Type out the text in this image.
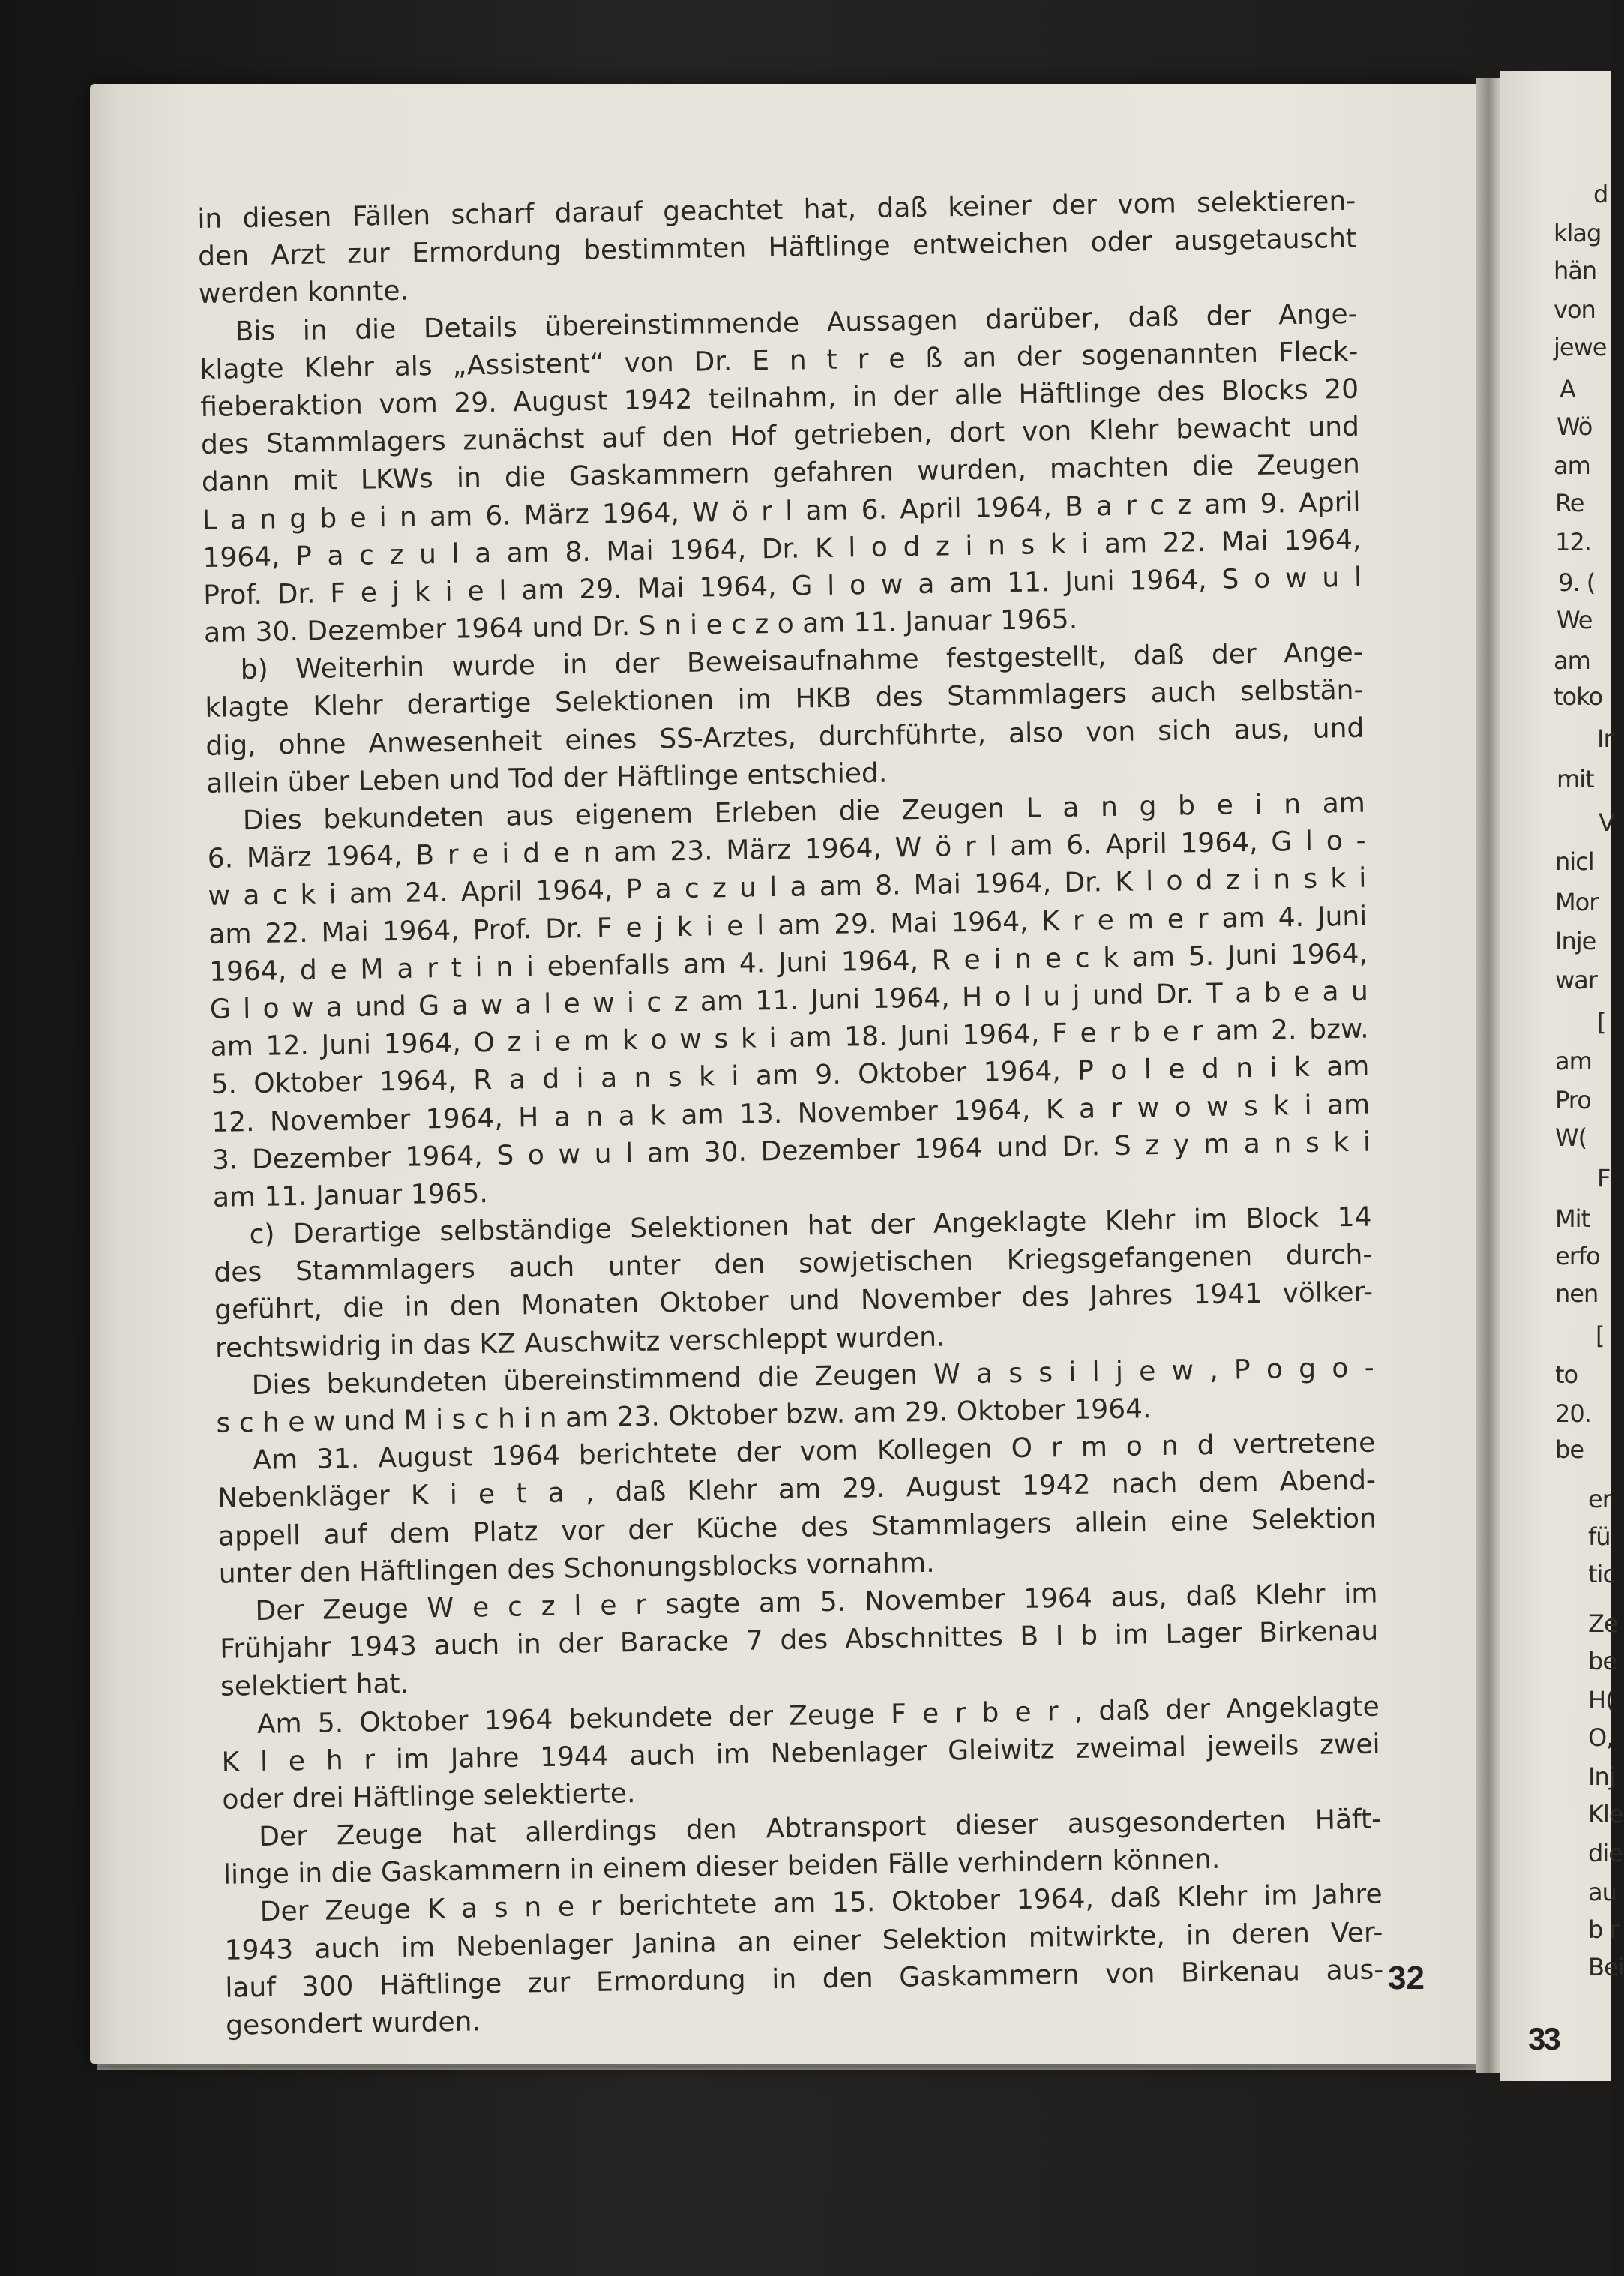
d
klag
hän
von
jewe
A
Wö
am
Re
12.
9. (
We
am
toko
Ir
mit
V
nicl
Mor
Inje
war
[
am
Pro
W(
F
Mit
erfo
nen
[
to
20.
be
er
fü
tic
Ze
be
H(
O,
Inj
Kle
die
au
b r
Bei
33
in diesen Fällen scharf darauf geachtet hat, daß keiner der vom selektieren-
den Arzt zur Ermordung bestimmten Häftlinge entweichen oder ausgetauscht
werden konnte.
Bis in die Details übereinstimmende Aussagen darüber, daß der Ange-
klagte Klehr als „Assistent“ von Dr. E n t r e ß an der sogenannten Fleck-
fieberaktion vom 29. August 1942 teilnahm, in der alle Häftlinge des Blocks 20
des Stammlagers zunächst auf den Hof getrieben, dort von Klehr bewacht und
dann mit LKWs in die Gaskammern gefahren wurden, machten die Zeugen
L a n g b e i n am 6. März 1964, W ö r l am 6. April 1964, B a r c z am 9. April
1964, P a c z u l a am 8. Mai 1964, Dr. K l o d z i n s k i am 22. Mai 1964,
Prof. Dr. F e j k i e l am 29. Mai 1964, G l o w a am 11. Juni 1964, S o w u l
am 30. Dezember 1964 und Dr. S n i e c z o am 11. Januar 1965.
b) Weiterhin wurde in der Beweisaufnahme festgestellt, daß der Ange-
klagte Klehr derartige Selektionen im HKB des Stammlagers auch selbstän-
dig, ohne Anwesenheit eines SS-Arztes, durchführte, also von sich aus, und
allein über Leben und Tod der Häftlinge entschied.
Dies bekundeten aus eigenem Erleben die Zeugen L a n g b e i n am
6. März 1964, B r e i d e n am 23. März 1964, W ö r l am 6. April 1964, G l o -
w a c k i am 24. April 1964, P a c z u l a am 8. Mai 1964, Dr. K l o d z i n s k i
am 22. Mai 1964, Prof. Dr. F e j k i e l am 29. Mai 1964, K r e m e r am 4. Juni
1964, d e M a r t i n i ebenfalls am 4. Juni 1964, R e i n e c k am 5. Juni 1964,
G l o w a und G a w a l e w i c z am 11. Juni 1964, H o l u j und Dr. T a b e a u
am 12. Juni 1964, O z i e m k o w s k i am 18. Juni 1964, F e r b e r am 2. bzw.
5. Oktober 1964, R a d i a n s k i am 9. Oktober 1964, P o l e d n i k am
12. November 1964, H a n a k am 13. November 1964, K a r w o w s k i am
3. Dezember 1964, S o w u l am 30. Dezember 1964 und Dr. S z y m a n s k i
am 11. Januar 1965.
c) Derartige selbständige Selektionen hat der Angeklagte Klehr im Block 14
des Stammlagers auch unter den sowjetischen Kriegsgefangenen durch-
geführt, die in den Monaten Oktober und November des Jahres 1941 völker-
rechtswidrig in das KZ Auschwitz verschleppt wurden.
Dies bekundeten übereinstimmend die Zeugen W a s s i l j e w , P o g o -
s c h e w und M i s c h i n am 23. Oktober bzw. am 29. Oktober 1964.
Am 31. August 1964 berichtete der vom Kollegen O r m o n d vertretene
Nebenkläger K i e t a , daß Klehr am 29. August 1942 nach dem Abend-
appell auf dem Platz vor der Küche des Stammlagers allein eine Selektion
unter den Häftlingen des Schonungsblocks vornahm.
Der Zeuge W e c z l e r sagte am 5. November 1964 aus, daß Klehr im
Frühjahr 1943 auch in der Baracke 7 des Abschnittes B I b im Lager Birkenau
selektiert hat.
Am 5. Oktober 1964 bekundete der Zeuge F e r b e r , daß der Angeklagte
K l e h r im Jahre 1944 auch im Nebenlager Gleiwitz zweimal jeweils zwei
oder drei Häftlinge selektierte.
Der Zeuge hat allerdings den Abtransport dieser ausgesonderten Häft-
linge in die Gaskammern in einem dieser beiden Fälle verhindern können.
Der Zeuge K a s n e r berichtete am 15. Oktober 1964, daß Klehr im Jahre
1943 auch im Nebenlager Janina an einer Selektion mitwirkte, in deren Ver-
lauf 300 Häftlinge zur Ermordung in den Gaskammern von Birkenau aus-
gesondert wurden.
32
